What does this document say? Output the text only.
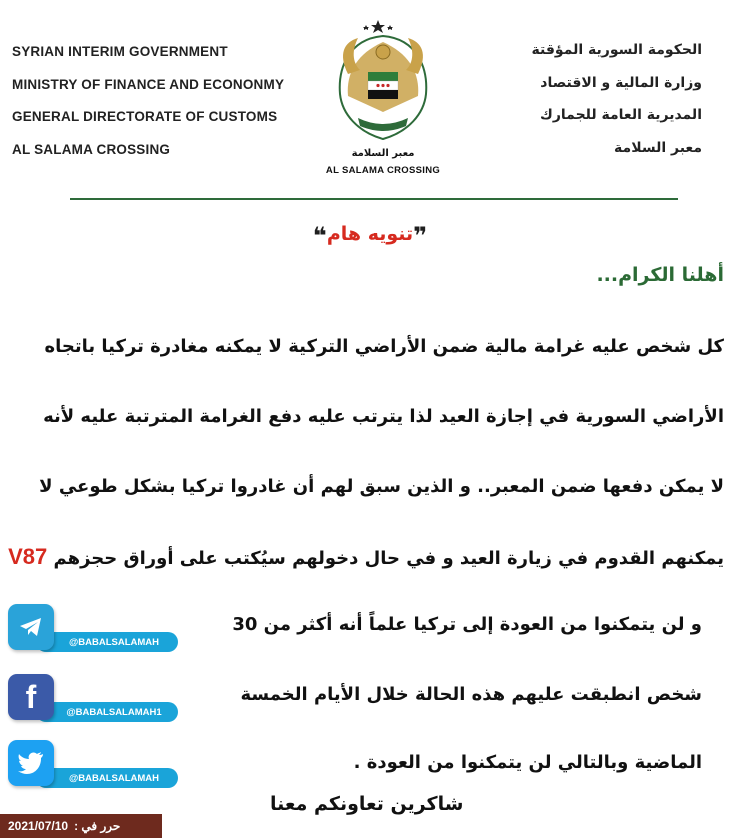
SYRIAN INTERIM GOVERNMENT
MINISTRY OF FINANCE AND ECONONMY
GENERAL DIRECTORATE OF CUSTOMS
AL SALAMA CROSSING
الحكومة السورية المؤقتة
وزارة المالية و الاقتصاد
المديرية العامة للجمارك
معبر السلامة
معبر السلامة
AL SALAMA CROSSING
❞تنويه هام❝
أهلنا الكرام...
كل شخص عليه غرامة مالية ضمن الأراضي التركية لا يمكنه مغادرة تركيا باتجاه
الأراضي السورية في إجازة العيد لذا يترتب عليه دفع الغرامة المترتبة عليه لأنه
لا يمكن دفعها ضمن المعبر.. و الذين سبق لهم أن غادروا تركيا بشكل طوعي لا
يمكنهم القدوم في زيارة العيد و في حال دخولهم سيُكتب على أوراق حجزهم V87
و لن يتمكنوا من العودة إلى تركيا علماً أنه أكثر من 30
شخص انطبقت عليهم هذه الحالة خلال الأيام الخمسة
الماضية وبالتالي لن يتمكنوا من العودة .
@BABALSALAMAH
@BABALSALAMAH1
f
@BABALSALAMAH
شاكرين تعاونكم معنا
2021/07/10 حرر في :
